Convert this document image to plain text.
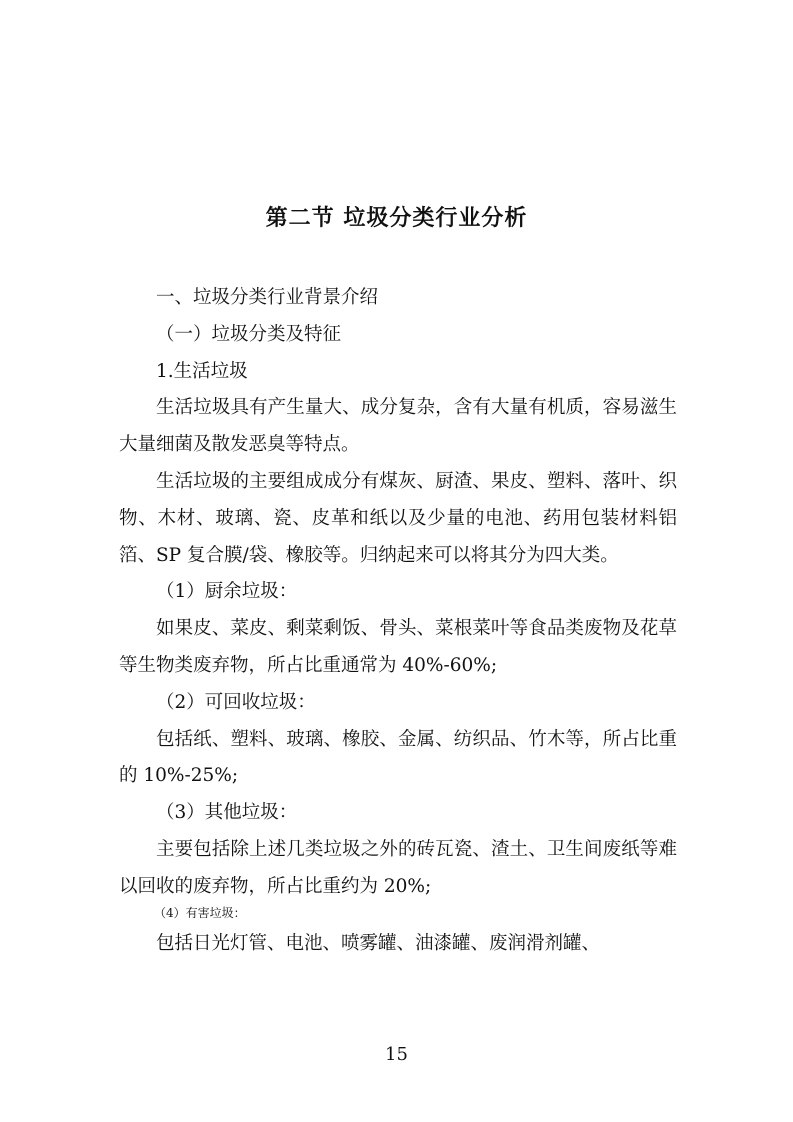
第二节 垃圾分类行业分析

一、垃圾分类行业背景介绍

（一）垃圾分类及特征

1.生活垃圾

生活垃圾具有产生量大、成分复杂，含有大量有机质，容易滋生大量细菌及散发恶臭等特点。

生活垃圾的主要组成成分有煤灰、厨渣、果皮、塑料、落叶、织物、木材、玻璃、瓷、皮革和纸以及少量的电池、药用包装材料铝箔、SP 复合膜/袋、橡胶等。归纳起来可以将其分为四大类。

（1）厨余垃圾：

如果皮、菜皮、剩菜剩饭、骨头、菜根菜叶等食品类废物及花草等生物类废弃物，所占比重通常为 40%-60%;

（2）可回收垃圾：

包括纸、塑料、玻璃、橡胶、金属、纺织品、竹木等，所占比重的 10%-25%;

（3）其他垃圾：

主要包括除上述几类垃圾之外的砖瓦瓷、渣土、卫生间废纸等难以回收的废弃物，所占比重约为 20%;

（4）有害垃圾：

包括日光灯管、电池、喷雾罐、油漆罐、废润滑剂罐、

15
